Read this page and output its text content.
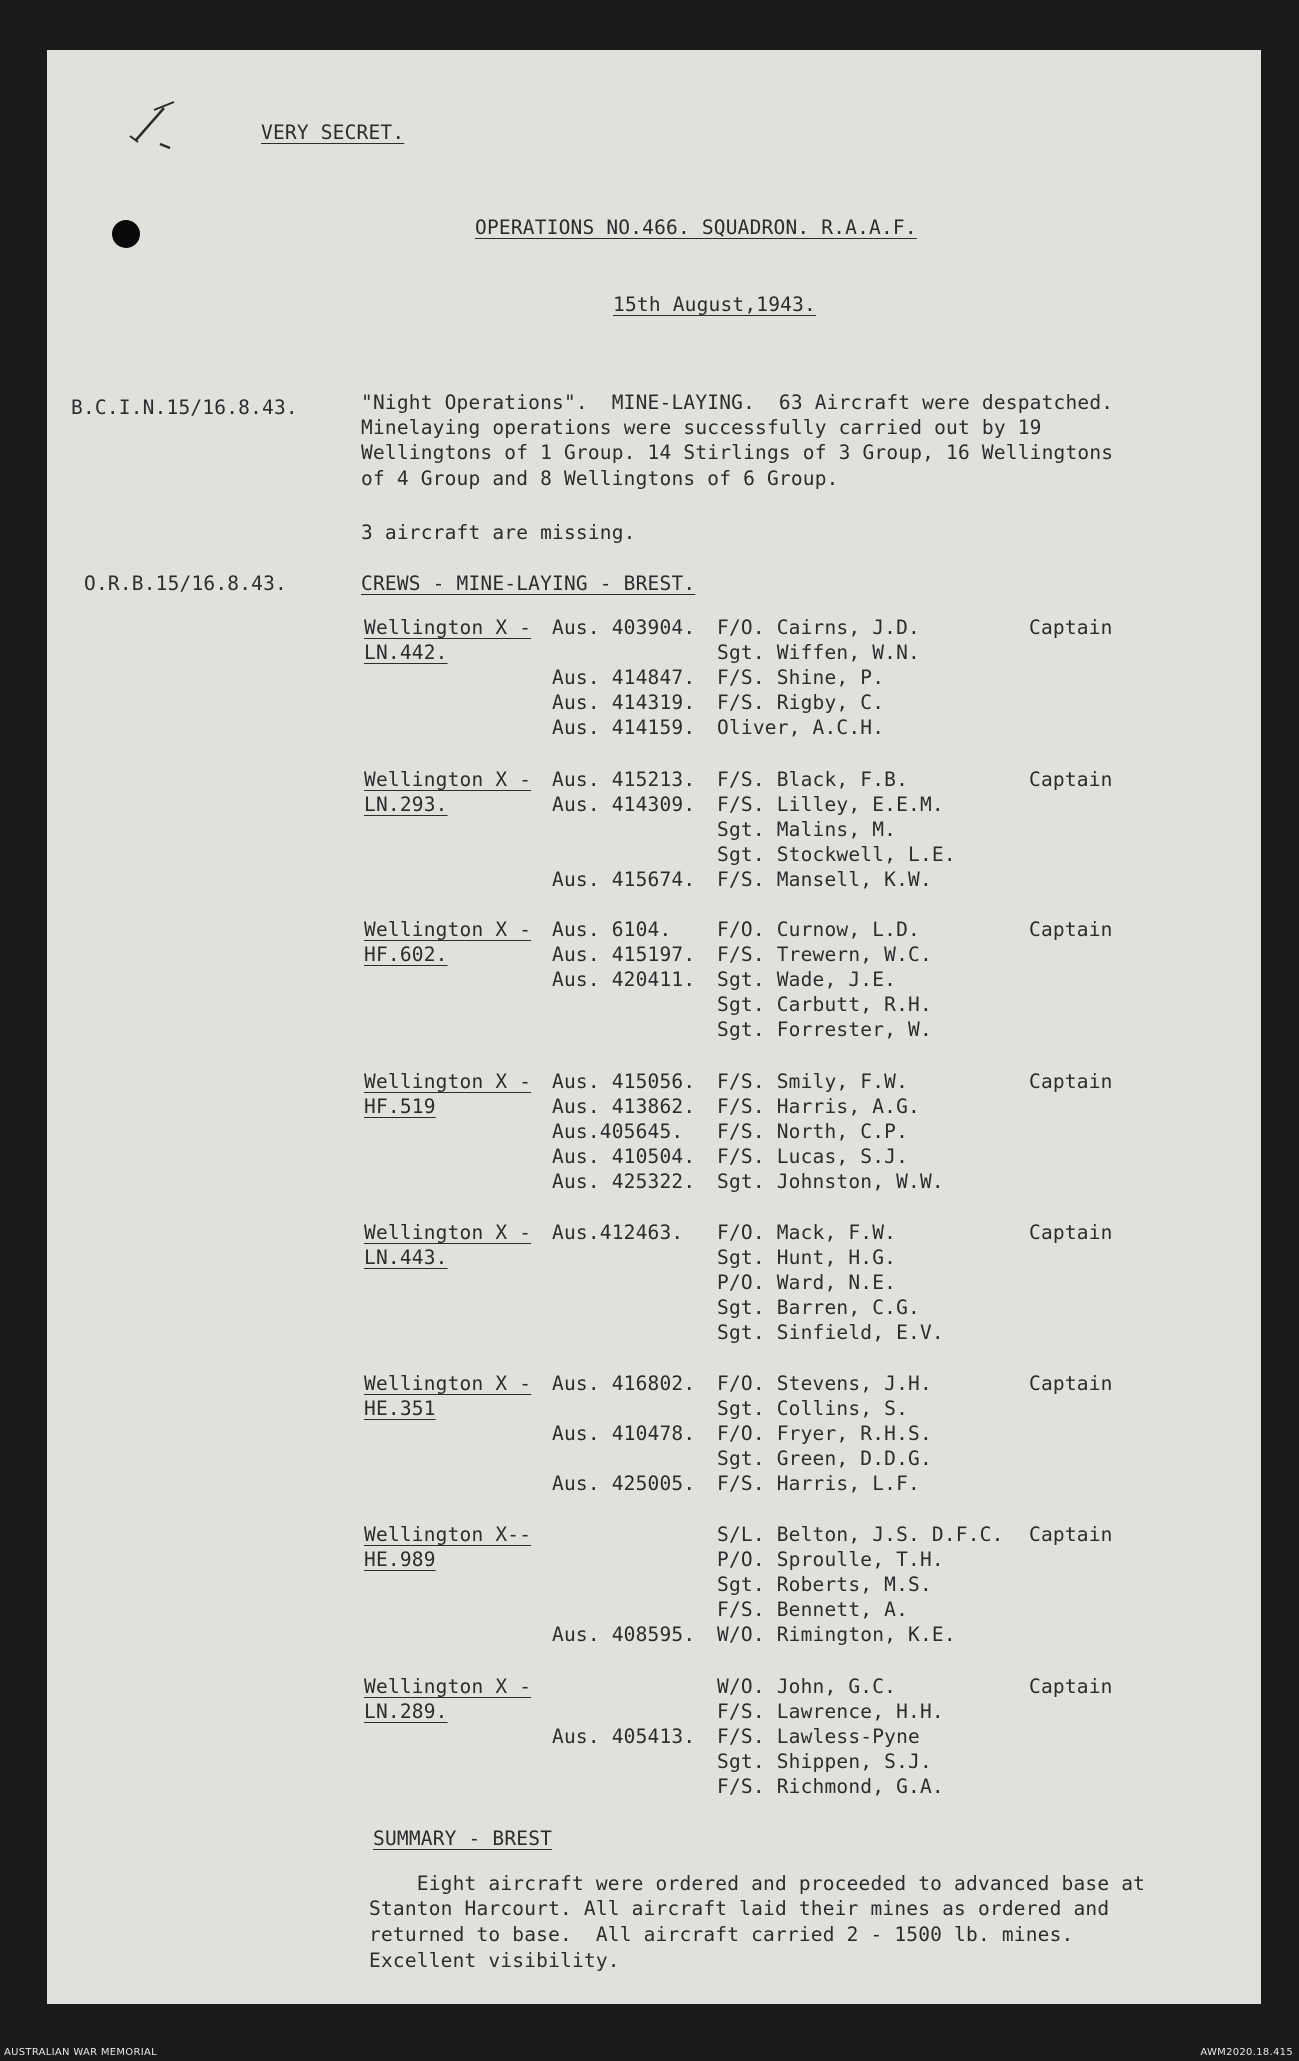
VERY SECRET.
OPERATIONS NO.466. SQUADRON. R.A.A.F.
15th August,1943.
B.C.I.N.15/16.8.43.	"Night Operations".  MINE-LAYING.  63 Aircraft were despatched.
Minelaying operations were successfully carried out by 19
Wellingtons of 1 Group. 14 Stirlings of 3 Group, 16 Wellingtons
of 4 Group and 8 Wellingtons of 6 Group.
3 aircraft are missing.
O.R.B.15/16.8.43.	CREWS - MINE-LAYING - BREST.
Wellington X -
LN.442.
Aus. 403904. F/O. Cairns, J.D.	Captain
Sgt. Wiffen, W.N.
Aus. 414847. F/S. Shine, P.
Aus. 414319. F/S. Rigby, C.
Aus. 414159. Oliver, A.C.H.
Wellington X -
LN.293.
Aus. 415213. F/S. Black, F.B.	Captain
Aus. 414309. F/S. Lilley, E.E.M.
Sgt. Malins, M.
Sgt. Stockwell, L.E.
Aus. 415674. F/S. Mansell, K.W.
Wellington X -
HF.602.
Aus. 6104. F/O. Curnow, L.D.	Captain
Aus. 415197. F/S. Trewern, W.C.
Aus. 420411. Sgt. Wade, J.E.
Sgt. Carbutt, R.H.
Sgt. Forrester, W.
Wellington X -
HF.519
Aus. 415056. F/S. Smily, F.W.	Captain
Aus. 413862. F/S. Harris, A.G.
Aus.405645. F/S. North, C.P.
Aus. 410504. F/S. Lucas, S.J.
Aus. 425322. Sgt. Johnston, W.W.
Wellington X -
LN.443.
Aus.412463. F/O. Mack, F.W.	Captain
Sgt. Hunt, H.G.
P/O. Ward, N.E.
Sgt. Barren, C.G.
Sgt. Sinfield, E.V.
Wellington X -
HE.351
Aus. 416802. F/O. Stevens, J.H.	Captain
Sgt. Collins, S.
Aus. 410478. F/O. Fryer, R.H.S.
Sgt. Green, D.D.G.
Aus. 425005. F/S. Harris, L.F.
Wellington X--
HE.989
S/L. Belton, J.S. D.F.C. Captain
P/O. Sproulle, T.H.
Sgt. Roberts, M.S.
F/S. Bennett, A.
Aus. 408595. W/O. Rimington, K.E.
Wellington X -
LN.289.
W/O. John, G.C.	Captain
F/S. Lawrence, H.H.
Aus. 405413. F/S. Lawless-Pyne
Sgt. Shippen, S.J.
F/S. Richmond, G.A.
SUMMARY - BREST
Eight aircraft were ordered and proceeded to advanced base at
Stanton Harcourt. All aircraft laid their mines as ordered and
returned to base.  All aircraft carried 2 - 1500 lb. mines.
Excellent visibility.
AUSTRALIAN WAR MEMORIAL	AWM2020.18.415
